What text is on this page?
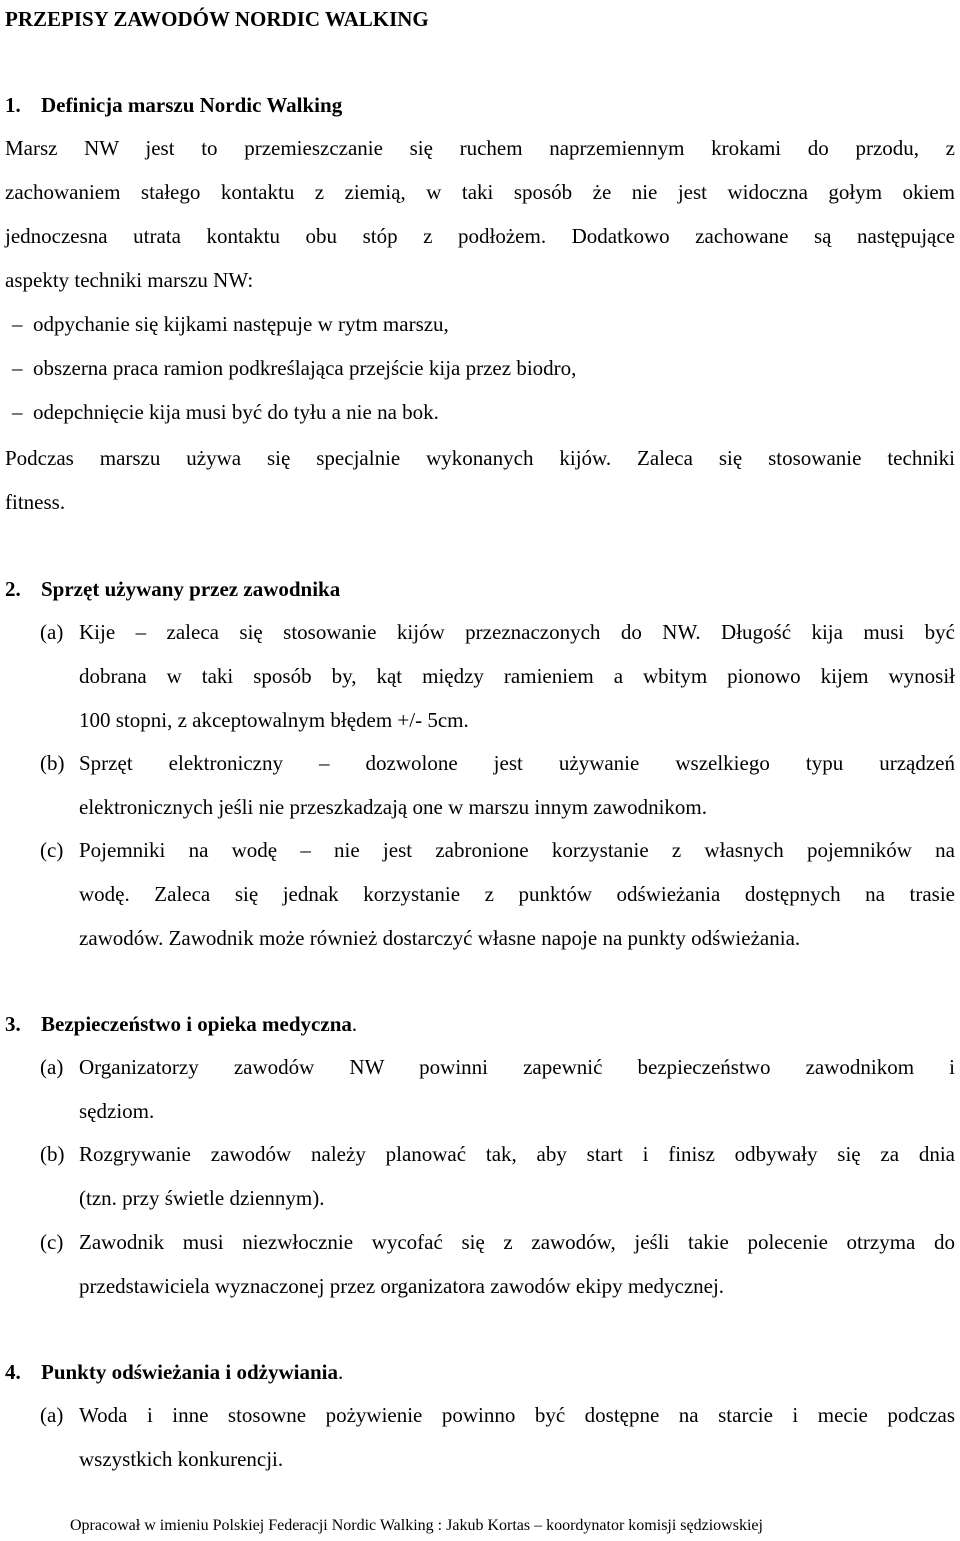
PRZEPISY ZAWODÓW NORDIC WALKING
1. Definicja marszu Nordic Walking
Marsz NW jest to przemieszczanie się ruchem naprzemiennym krokami do przodu, z
zachowaniem stałego kontaktu z ziemią, w taki sposób że nie jest widoczna gołym okiem
jednoczesna utrata kontaktu obu stóp z podłożem. Dodatkowo zachowane są następujące
aspekty techniki marszu NW:
– odpychanie się kijkami następuje w rytm marszu,
– obszerna praca ramion podkreślająca przejście kija przez biodro,
– odepchnięcie kija musi być do tyłu a nie na bok.
Podczas marszu używa się specjalnie wykonanych kijów. Zaleca się stosowanie techniki
fitness.
2. Sprzęt używany przez zawodnika
(a) Kije – zaleca się stosowanie kijów przeznaczonych do NW. Długość kija musi być
dobrana w taki sposób by, kąt między ramieniem a wbitym pionowo kijem wynosił
100 stopni, z akceptowalnym błędem +/- 5cm.
(b) Sprzęt elektroniczny – dozwolone jest używanie wszelkiego typu urządzeń
elektronicznych jeśli nie przeszkadzają one w marszu innym zawodnikom.
(c) Pojemniki na wodę – nie jest zabronione korzystanie z własnych pojemników na
wodę. Zaleca się jednak korzystanie z punktów odświeżania dostępnych na trasie
zawodów. Zawodnik może również dostarczyć własne napoje na punkty odświeżania.
3. Bezpieczeństwo i opieka medyczna.
(a) Organizatorzy zawodów NW powinni zapewnić bezpieczeństwo zawodnikom i
sędziom.
(b) Rozgrywanie zawodów należy planować tak, aby start i finisz odbywały się za dnia
(tzn. przy świetle dziennym).
(c) Zawodnik musi niezwłocznie wycofać się z zawodów, jeśli takie polecenie otrzyma do
przedstawiciela wyznaczonej przez organizatora zawodów ekipy medycznej.
4. Punkty odświeżania i odżywiania.
(a) Woda i inne stosowne pożywienie powinno być dostępne na starcie i mecie podczas
wszystkich konkurencji.
Opracował w imieniu Polskiej Federacji Nordic Walking : Jakub Kortas – koordynator komisji sędziowskiej
